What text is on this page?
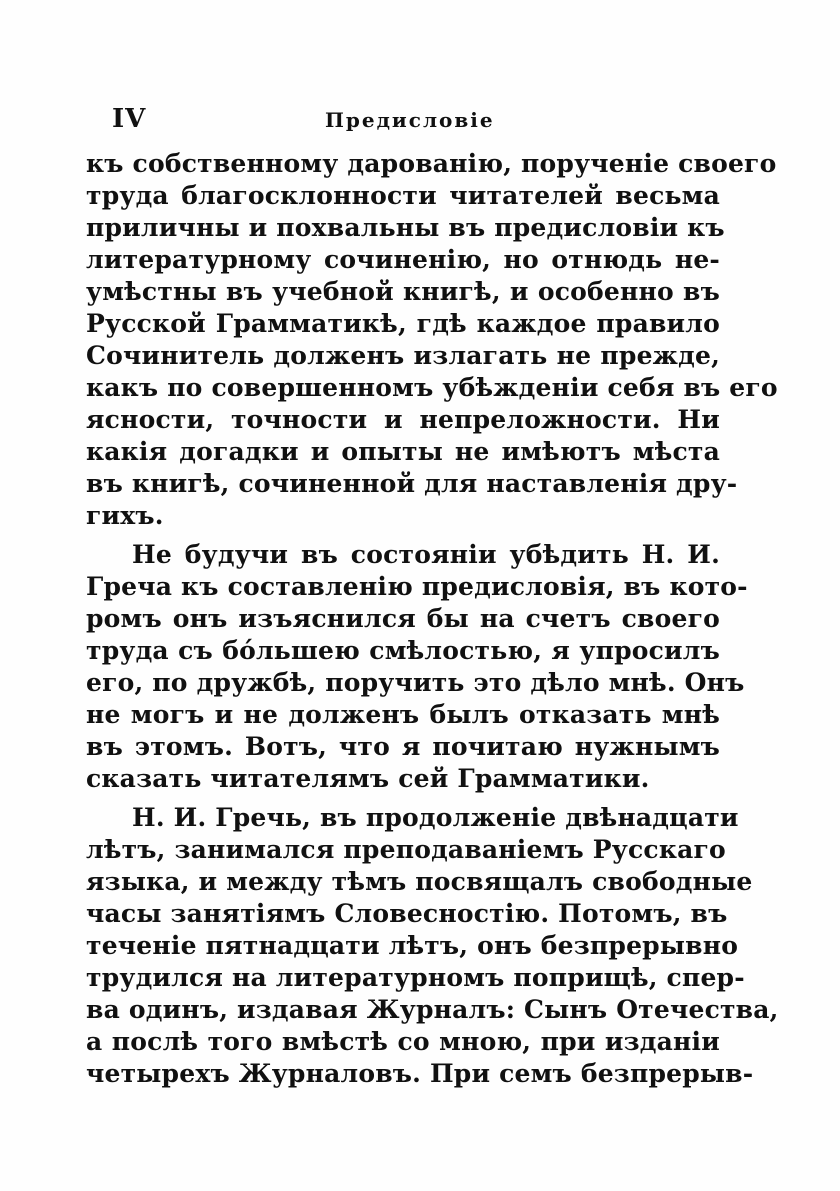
IV	Предисловіе
къ собственному дарованію, порученіе своего
труда благосклонности читателей весьма
приличны и похвальны въ предисловіи къ
литературному сочиненію, но отнюдь не-
умѣстны въ учебной книгѣ, и особенно въ
Русской Грамматикѣ, гдѣ каждое правило
Сочинитель долженъ излагать не прежде,
какъ по совершенномъ убѣжденіи себя въ его
ясности, точности и непреложности. Ни
какія догадки и опыты не имѣютъ мѣста
въ книгѣ, сочиненной для наставленія дру-
гихъ.
Не будучи въ состояніи убѣдить Н. И.
Греча къ составленію предисловія, въ кото-
ромъ онъ изъяснился бы на счетъ своего
труда съ бо́льшею смѣлостью, я упросилъ
его, по дружбѣ, поручить это дѣло мнѣ. Онъ
не могъ и не долженъ былъ отказать мнѣ
въ этомъ. Вотъ, что я почитаю нужнымъ
сказать читателямъ сей Грамматики.
Н. И. Гречь, въ продолженіе двѣнадцати
лѣтъ, занимался преподаваніемъ Русскаго
языка, и между тѣмъ посвящалъ свободные
часы занятіямъ Словесностію. Потомъ, въ
теченіе пятнадцати лѣтъ, онъ безпрерывно
трудился на литературномъ поприщѣ, спер-
ва одинъ, издавая Журналъ: Сынъ Отечества,
а послѣ того вмѣстѣ со мною, при изданіи
четырехъ Журналовъ. При семъ безпрерыв-
